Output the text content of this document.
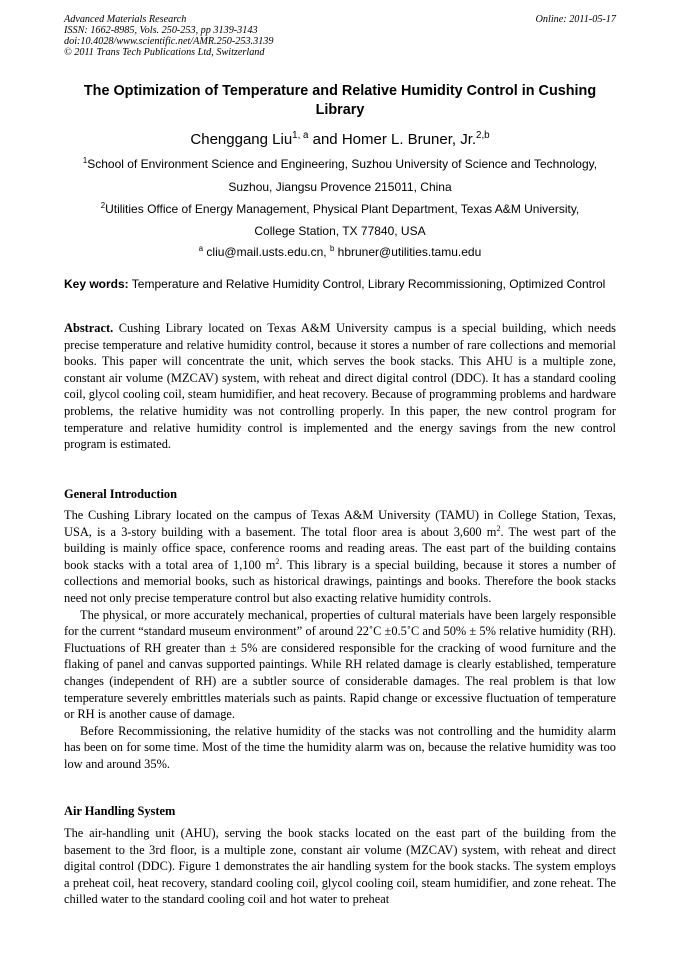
Advanced Materials Research
ISSN: 1662-8985, Vols. 250-253, pp 3139-3143
doi:10.4028/www.scientific.net/AMR.250-253.3139
© 2011 Trans Tech Publications Ltd, Switzerland
Online: 2011-05-17
The Optimization of Temperature and Relative Humidity Control in Cushing Library
Chenggang Liu$^{1, a}$ and Homer L. Bruner, Jr.$^{2,b}$
$^1$School of Environment Science and Engineering, Suzhou University of Science and Technology,
Suzhou, Jiangsu Provence 215011, China
$^2$Utilities Office of Energy Management, Physical Plant Department, Texas A&M University,
College Station, TX 77840, USA
$^a$ cliu@mail.usts.edu.cn, $^b$ hbruner@utilities.tamu.edu
Key words: Temperature and Relative Humidity Control, Library Recommissioning, Optimized Control
Abstract. Cushing Library located on Texas A&M University campus is a special building, which needs precise temperature and relative humidity control, because it stores a number of rare collections and memorial books. This paper will concentrate the unit, which serves the book stacks. This AHU is a multiple zone, constant air volume (MZCAV) system, with reheat and direct digital control (DDC). It has a standard cooling coil, glycol cooling coil, steam humidifier, and heat recovery. Because of programming problems and hardware problems, the relative humidity was not controlling properly. In this paper, the new control program for temperature and relative humidity control is implemented and the energy savings from the new control program is estimated.
General Introduction

The Cushing Library located on the campus of Texas A&M University (TAMU) in College Station, Texas, USA, is a 3-story building with a basement. The total floor area is about 3,600 $m^2$. The west part of the building is mainly office space, conference rooms and reading areas. The east part of the building contains book stacks with a total area of 1,100 $m^2$. This library is a special building, because it stores a number of collections and memorial books, such as historical drawings, paintings and books. Therefore the book stacks need not only precise temperature control but also exacting relative humidity controls.

The physical, or more accurately mechanical, properties of cultural materials have been largely responsible for the current “standard museum environment” of around 22˚C ±0.5˚C and 50% ± 5% relative humidity (RH). Fluctuations of RH greater than ± 5% are considered responsible for the cracking of wood furniture and the flaking of panel and canvas supported paintings. While RH related damage is clearly established, temperature changes (independent of RH) are a subtler source of considerable damages. The real problem is that low temperature severely embrittles materials such as paints. Rapid change or excessive fluctuation of temperature or RH is another cause of damage.

Before Recommissioning, the relative humidity of the stacks was not controlling and the humidity alarm has been on for some time. Most of the time the humidity alarm was on, because the relative humidity was too low and around 35%.

Air Handling System

The air-handling unit (AHU), serving the book stacks located on the east part of the building from the basement to the 3rd floor, is a multiple zone, constant air volume (MZCAV) system, with reheat and direct digital control (DDC). Figure 1 demonstrates the air handling system for the book stacks. The system employs a preheat coil, heat recovery, standard cooling coil, glycol cooling coil, steam humidifier, and zone reheat. The chilled water to the standard cooling coil and hot water to preheat
